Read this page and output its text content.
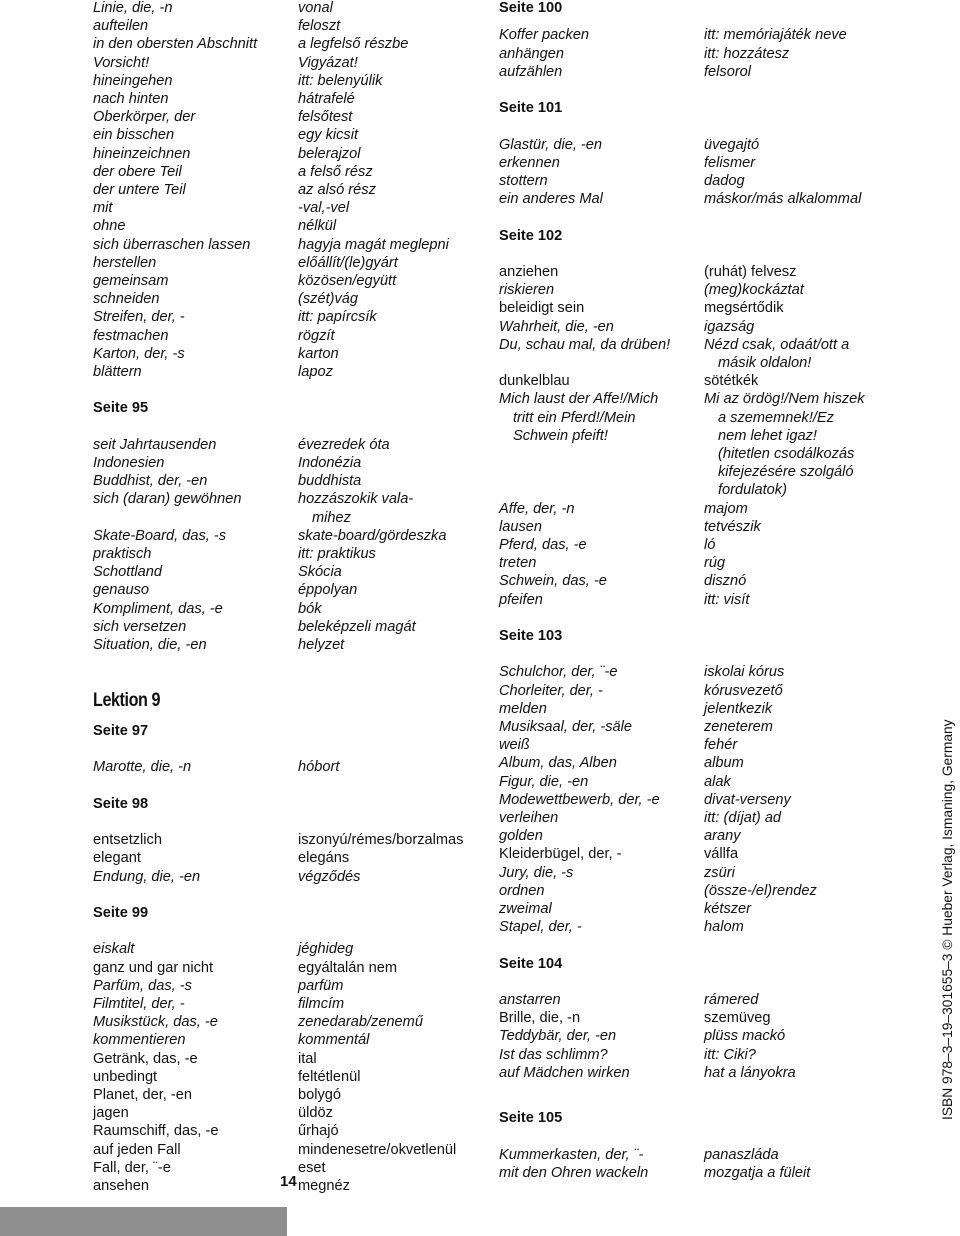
Linie, die, -n	vonal
aufteilen	feloszt
in den obersten Abschnitt	a legfelső részbe
Vorsicht!	Vigyázat!
hineingehen	itt: belenyúlik
nach hinten	hátrafelé
Oberkörper, der	felsőtest
ein bisschen	egy kicsit
hineinzeichnen	belerajzol
der obere Teil	a felső rész
der untere Teil	az alsó rész
mit	-val,-vel
ohne	nélkül
sich überraschen lassen	hagyja magát meglepni
herstellen	előállít/(le)gyárt
gemeinsam	közösen/együtt
schneiden	(szét)vág
Streifen, der, -	itt: papírcsík
festmachen	rögzít
Karton, der, -s	karton
blättern	lapoz
Seite 95
seit Jahrtausenden	évezredek óta
Indonesien	Indonézia
Buddhist, der, -en	buddhista
sich (daran) gewöhnen	hozzászokik vala-
mihez
Skate-Board, das, -s	skate-board/gördeszka
praktisch	itt: praktikus
Schottland	Skócia
genauso	éppolyan
Kompliment, das, -e	bók
sich versetzen	beleképzeli magát
Situation, die, -en	helyzet
Lektion 9
Seite 97
Marotte, die, -n	hóbort
Seite 98
entsetzlich	iszonyú/rémes/borzalmas
elegant	elegáns
Endung, die, -en	végződés
Seite 99
eiskalt	jéghideg
ganz und gar nicht	egyáltalán nem
Parfüm, das, -s	parfüm
Filmtitel, der, -	filmcím
Musikstück, das, -e	zenedarab/zenemű
kommentieren	kommentál
Getränk, das, -e	ital
unbedingt	feltétlenül
Planet, der, -en	bolygó
jagen	üldöz
Raumschiff, das, -e	űrhajó
auf jeden Fall	mindenesetre/okvetlenül
Fall, der, ¨-e	eset
ansehen	megnéz
Seite 100
Koffer packen	itt: memóriajáték neve
anhängen	itt: hozzátesz
aufzählen	felsorol
Seite 101
Glastür, die, -en	üvegajtó
erkennen	felismer
stottern	dadog
ein anderes Mal	máskor/más alkalommal
Seite 102
anziehen	(ruhát) felvesz
riskieren	(meg)kockáztat
beleidigt sein	megsértődik
Wahrheit, die, -en	igazság
Du, schau mal, da drüben!	Nézd csak, odaát/ott a
másik oldalon!
dunkelblau	sötétkék
Mich laust der Affe!/Mich	Mi az ördög!/Nem hiszek
tritt ein Pferd!/Mein	a szememnek!/Ez
Schwein pfeift!	nem lehet igaz!
(hitetlen csodálkozás
kifejezésére szolgáló
fordulatok)
Affe, der, -n	majom
lausen	tetvészik
Pferd, das, -e	ló
treten	rúg
Schwein, das, -e	disznó
pfeifen	itt: visít
Seite 103
Schulchor, der, ¨-e	iskolai kórus
Chorleiter, der, -	kórusvezető
melden	jelentkezik
Musiksaal, der, -säle	zeneterem
weiß	fehér
Album, das, Alben	album
Figur, die, -en	alak
Modewettbewerb, der, -e	divat-verseny
verleihen	itt: (díjat) ad
golden	arany
Kleiderbügel, der, -	vállfa
Jury, die, -s	zsüri
ordnen	(össze-/el)rendez
zweimal	kétszer
Stapel, der, -	halom
Seite 104
anstarren	rámered
Brille, die, -n	szemüveg
Teddybär, der, -en	plüss mackó
Ist das schlimm?	itt: Ciki?
auf Mädchen wirken	hat a lányokra
Seite 105
Kummerkasten, der, ¨-	panaszláda
mit den Ohren wackeln	mozgatja a füleit
14
ISBN 978–3–19–301655–3 © Hueber Verlag, Ismaning, Germany
